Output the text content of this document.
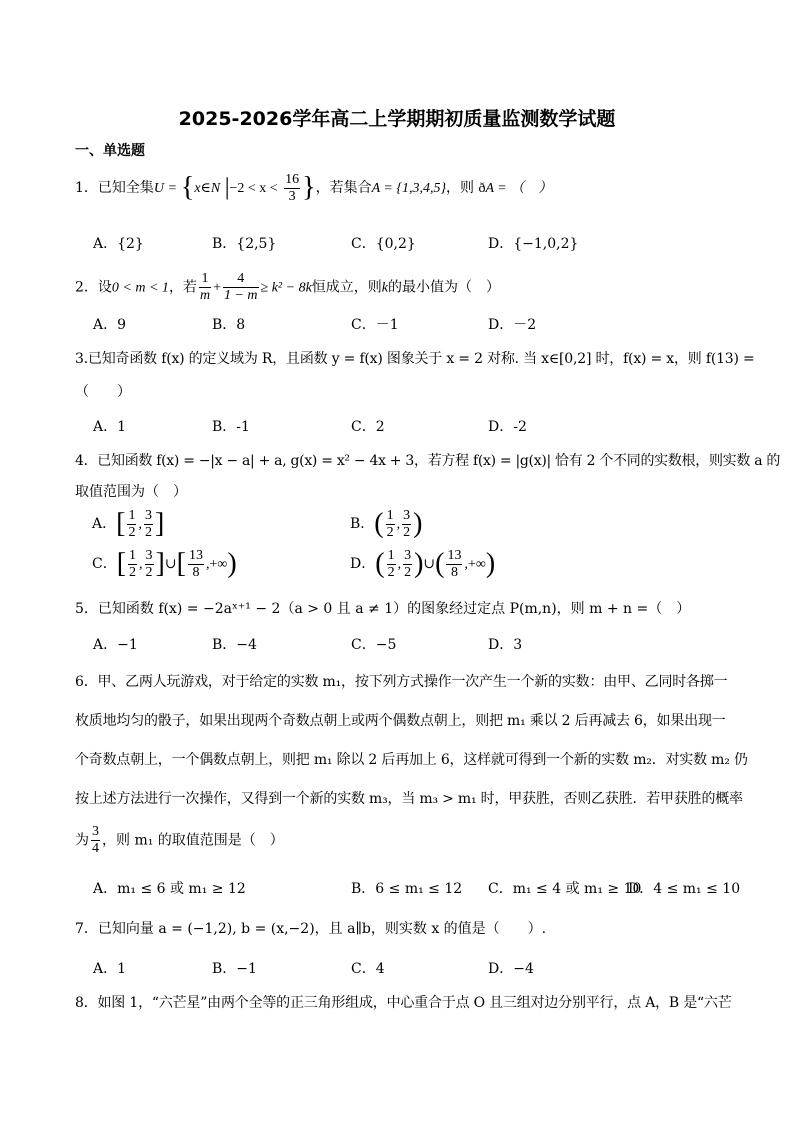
2025-2026学年高二上学期期初质量监测数学试题
一、单选题
1．已知全集U = {x∈N $|-2 < x < \frac{16}{3}$ }，若集合A = {1,3,4,5}，则 ðA = （　）
A．{2}	B．{2,5}	C．{0,2}	D．{−1,0,2}
2．设0 < m < 1，若 $\frac{1}{m} + \frac{4}{1 - m} \ge k^2 - 8k$恒成立，则k的最小值为（　）
A．9	B．8	C．－1	D．－2
3.已知奇函数 f(x) 的定义域为 R，且函数 y = f(x) 图象关于 x = 2 对称. 当 x∈[0,2] 时，f(x) = x，则 f(13) =
（　　）
A．1	B．-1	C．2	D．-2
4．已知函数 f(x) = −|x − a| + a, g(x) = x² − 4x + 3，若方程 f(x) = |g(x)| 恰有 2 个不同的实数根，则实数 a 的
取值范围为（　）
A．[ $\frac{1}{2}$ , $\frac{3}{2}$ ]	B．( $\frac{1}{2}$ , $\frac{3}{2}$ )
C．[ $\frac{1}{2}$ , $\frac{3}{2}$ ]∪[ $\frac{13}{8}$ ,+∞)	D．( $\frac{1}{2}$ , $\frac{3}{2}$ )∪( $\frac{13}{8}$ ,+∞)
5．已知函数 f(x) = −2aˣ⁺¹ − 2（a > 0 且 a ≠ 1）的图象经过定点 P(m,n)，则 m + n =（　）
A．−1	B．−4	C．−5	D．3
6．甲、乙两人玩游戏，对于给定的实数 m₁，按下列方式操作一次产生一个新的实数：由甲、乙同时各掷一
枚质地均匀的骰子，如果出现两个奇数点朝上或两个偶数点朝上，则把 m₁ 乘以 2 后再减去 6，如果出现一
个奇数点朝上，一个偶数点朝上，则把 m₁ 除以 2 后再加上 6，这样就可得到一个新的实数 m₂．对实数 m₂ 仍
按上述方法进行一次操作，又得到一个新的实数 m₃，当 m₃ > m₁ 时，甲获胜，否则乙获胜．若甲获胜的概率
为 $\frac{3}{4}$ ，则 m₁ 的取值范围是（　）
A．m₁ ≤ 6 或 m₁ ≥ 12	B．6 ≤ m₁ ≤ 12 C．m₁ ≤ 4 或 m₁ ≥ 10
D．4 ≤ m₁ ≤ 10
7．已知向量 a = (−1,2), b = (x,−2)，且 a∥b，则实数 x 的值是（　　）.
A．1	B．−1	C．4	D．−4
8．如图 1，“六芒星”由两个全等的正三角形组成，中心重合于点 O 且三组对边分别平行，点 A，B 是“六芒
